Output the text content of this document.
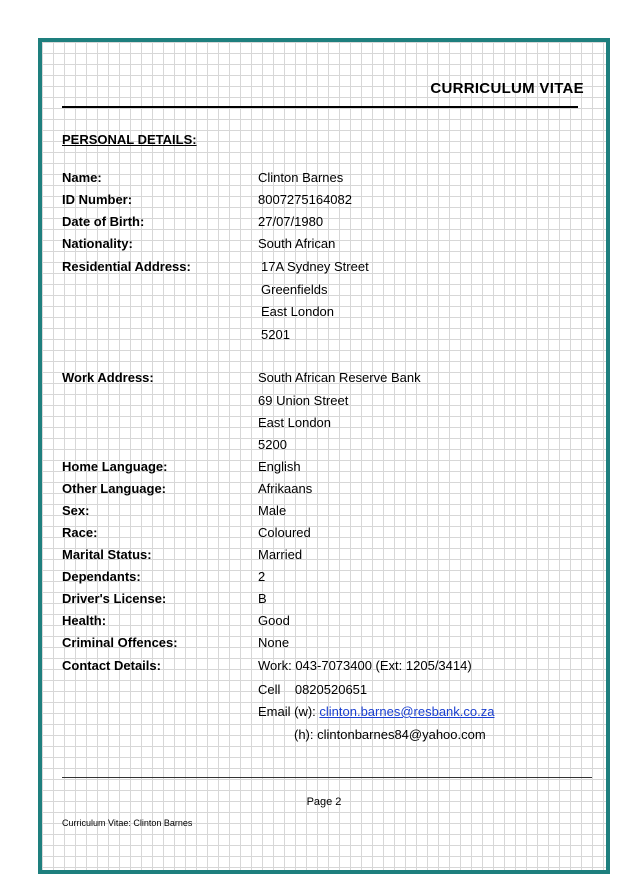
CURRICULUM VITAE
PERSONAL DETAILS:
Name:	Clinton Barnes
ID Number:	8007275164082
Date of Birth:	27/07/1980
Nationality:	South African
Residential Address:	17A Sydney Street
Greenfields
East London
5201
Work Address:	South African Reserve Bank
69 Union Street
East London
5200
Home Language:	English
Other Language:	Afrikaans
Sex:	Male
Race:	Coloured
Marital Status:	Married
Dependants:	2
Driver's License:	B
Health:	Good
Criminal Offences:	None
Contact Details:	Work: 043-7073400 (Ext: 1205/3414)
Cell    0820520651
Email (w): clinton.barnes@resbank.co.za
(h): clintonbarnes84@yahoo.com
Page 2
Curriculum Vitae: Clinton Barnes
